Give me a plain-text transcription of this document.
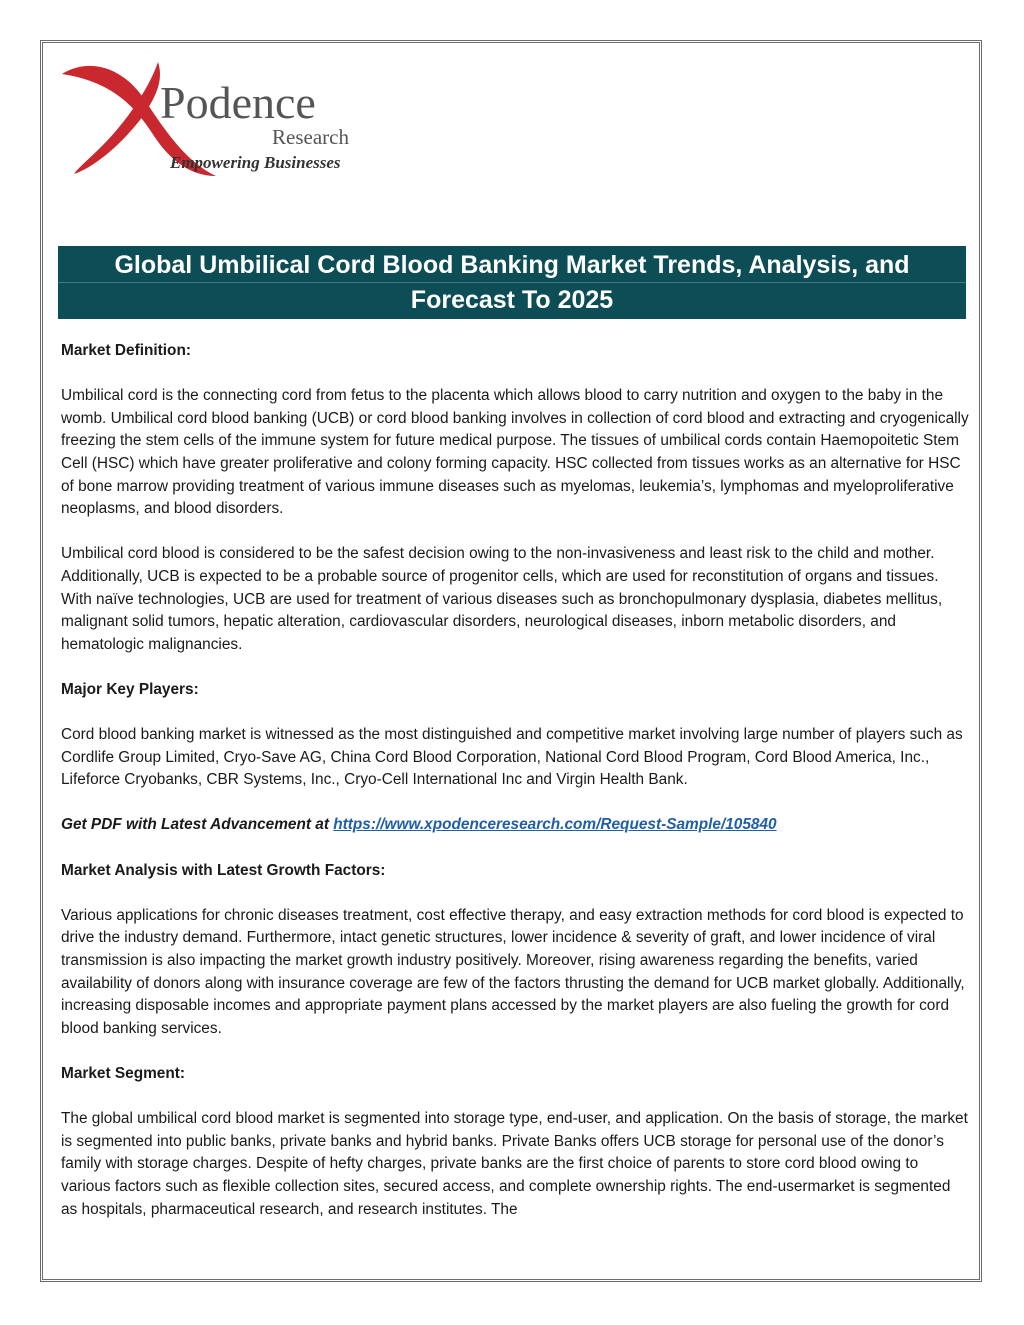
Podence
Research
Empowering Businesses
Global Umbilical Cord Blood Banking Market Trends, Analysis, and
Forecast To 2025
Market Definition:

Umbilical cord is the connecting cord from fetus to the placenta which allows blood to carry nutrition and oxygen to the baby in the womb. Umbilical cord blood banking (UCB) or cord blood banking involves in collection of cord blood and extracting and cryogenically freezing the stem cells of the immune system for future medical purpose. The tissues of umbilical cords contain Haemopoitetic Stem Cell (HSC) which have greater proliferative and colony forming capacity. HSC collected from tissues works as an alternative for HSC of bone marrow providing treatment of various immune diseases such as myelomas, leukemia’s, lymphomas and myeloproliferative neoplasms, and blood disorders.

Umbilical cord blood is considered to be the safest decision owing to the non-invasiveness and least risk to the child and mother. Additionally, UCB is expected to be a probable source of progenitor cells, which are used for reconstitution of organs and tissues. With naïve technologies, UCB are used for treatment of various diseases such as bronchopulmonary dysplasia, diabetes mellitus, malignant solid tumors, hepatic alteration, cardiovascular disorders, neurological diseases, inborn metabolic disorders, and hematologic malignancies.

Major Key Players:

Cord blood banking market is witnessed as the most distinguished and competitive market involving large number of players such as Cordlife Group Limited, Cryo-Save AG, China Cord Blood Corporation, National Cord Blood Program, Cord Blood America, Inc., Lifeforce Cryobanks, CBR Systems, Inc., Cryo-Cell International Inc and Virgin Health Bank.

Get PDF with Latest Advancement at https://www.xpodenceresearch.com/Request-Sample/105840

Market Analysis with Latest Growth Factors:

Various applications for chronic diseases treatment, cost effective therapy, and easy extraction methods for cord blood is expected to drive the industry demand. Furthermore, intact genetic structures, lower incidence & severity of graft, and lower incidence of viral transmission is also impacting the market growth industry positively. Moreover, rising awareness regarding the benefits, varied availability of donors along with insurance coverage are few of the factors thrusting the demand for UCB market globally. Additionally, increasing disposable incomes and appropriate payment plans accessed by the market players are also fueling the growth for cord blood banking services.

Market Segment:

The global umbilical cord blood market is segmented into storage type, end-user, and application. On the basis of storage, the market is segmented into public banks, private banks and hybrid banks. Private Banks offers UCB storage for personal use of the donor’s family with storage charges. Despite of hefty charges, private banks are the first choice of parents to store cord blood owing to various factors such as flexible collection sites, secured access, and complete ownership rights. The end-usermarket is segmented as hospitals, pharmaceutical research, and research institutes. The
